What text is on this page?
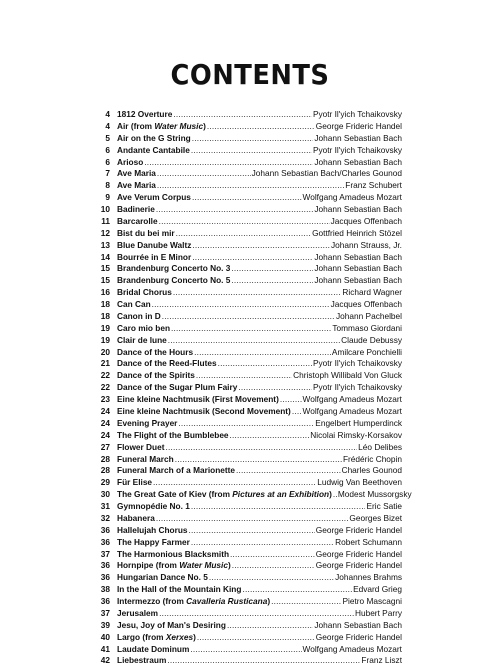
CONTENTS
4 1812 Overture .....	Pyotr Il'yich Tchaikovsky
4 Air (from Water Music) .....	George Frideric Handel
5 Air on the G String .....	Johann Sebastian Bach
6 Andante Cantabile .....	Pyotr Il'yich Tchaikovsky
6 Arioso .....	Johann Sebastian Bach
7 Ave Maria .....	Johann Sebastian Bach/Charles Gounod
8 Ave Maria .....	Franz Schubert
9 Ave Verum Corpus .....	Wolfgang Amadeus Mozart
10 Badinerie .....	Johann Sebastian Bach
11 Barcarolle .....	Jacques Offenbach
12 Bist du bei mir .....	Gottfried Heinrich Stözel
13 Blue Danube Waltz .....	Johann Strauss, Jr.
14 Bourrée in E Minor .....	Johann Sebastian Bach
15 Brandenburg Concerto No. 3 .....	Johann Sebastian Bach
15 Brandenburg Concerto No. 5 .....	Johann Sebastian Bach
16 Bridal Chorus .....	Richard Wagner
18 Can Can .....	Jacques Offenbach
18 Canon in D .....	Johann Pachelbel
19 Caro mio ben .....	Tommaso Giordani
19 Clair de lune .....	Claude Debussy
20 Dance of the Hours .....	Amilcare Ponchielli
21 Dance of the Reed-Flutes .....	Pyotr Il'yich Tchaikovsky
22 Dance of the Spirits .....	Christoph Willibald Von Gluck
22 Dance of the Sugar Plum Fairy .....	Pyotr Il'yich Tchaikovsky
23 Eine kleine Nachtmusik (First Movement) .....	Wolfgang Amadeus Mozart
24 Eine kleine Nachtmusik (Second Movement) ..... Wolfgang Amadeus Mozart
24 Evening Prayer .....	Engelbert Humperdinck
24 The Flight of the Bumblebee .....	Nicolai Rimsky-Korsakov
27 Flower Duet .....	Léo Delibes
28 Funeral March .....	Frédéric Chopin
28 Funeral March of a Marionette .....	Charles Gounod
29 Für Elise .....	Ludwig Van Beethoven
30 The Great Gate of Kiev (from Pictures at an Exhibition) ..... Modest Mussorgsky
31 Gymnopédie No. 1 .....	Eric Satie
32 Habanera .....	Georges Bizet
36 Hallelujah Chorus .....	George Frideric Handel
36 The Happy Farmer .....	Robert Schumann
37 The Harmonious Blacksmith .....	George Frideric Handel
36 Hornpipe (from Water Music) .....	George Frideric Handel
36 Hungarian Dance No. 5 .....	Johannes Brahms
38 In the Hall of the Mountain King .....	Edvard Grieg
36 Intermezzo (from Cavalleria Rusticana) .....	Pietro Mascagni
37 Jerusalem .....	Hubert Parry
39 Jesu, Joy of Man's Desiring .....	Johann Sebastian Bach
40 Largo (from Xerxes) .....	George Frideric Handel
41 Laudate Dominum .....	Wolfgang Amadeus Mozart
42 Liebestraum .....	Franz Liszt
